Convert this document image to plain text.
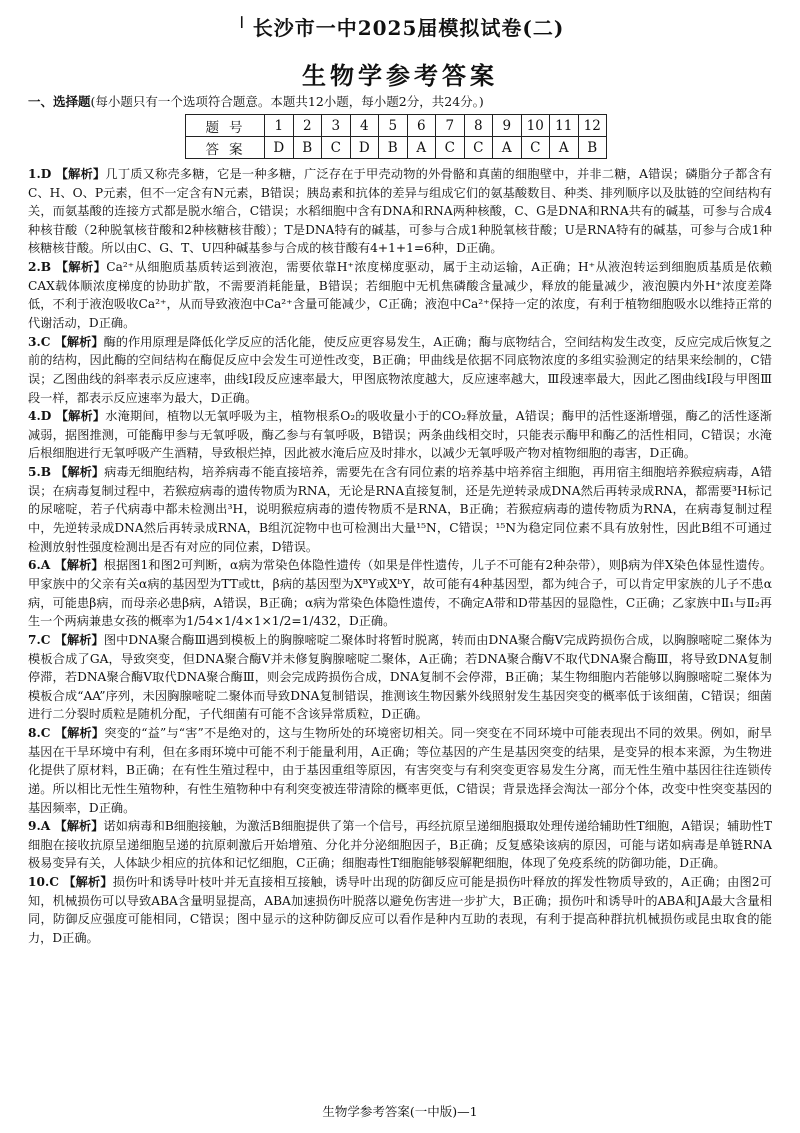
╵ 长沙市一中2025届模拟试卷(二)
生物学参考答案
一、选择题(每小题只有一个选项符合题意。本题共12小题，每小题2分，共24分。)
题号	1	2	3	4	5	6	7	8	9	10	11	12
答案	D	B	C	D	B	A	C	C	A	C	A	B

1.D 【解析】几丁质又称壳多糖，它是一种多糖，广泛存在于甲壳动物的外骨骼和真菌的细胞壁中，并非二糖，A错误；磷脂分子都含有C、H、O、P元素，但不一定含有N元素，B错误；胰岛素和抗体的差异与组成它们的氨基酸数目、种类、排列顺序以及肽链的空间结构有关，而氨基酸的连接方式都是脱水缩合，C错误；水稻细胞中含有DNA和RNA两种核酸，C、G是DNA和RNA共有的碱基，可参与合成4种核苷酸（2种脱氧核苷酸和2种核糖核苷酸）；T是DNA特有的碱基，可参与合成1种脱氧核苷酸；U是RNA特有的碱基，可参与合成1种核糖核苷酸。所以由C、G、T、U四种碱基参与合成的核苷酸有4+1+1=6种，D正确。

2.B 【解析】Ca²⁺从细胞质基质转运到液泡，需要依靠H⁺浓度梯度驱动，属于主动运输，A正确；H⁺从液泡转运到细胞质基质是依赖CAX载体顺浓度梯度的协助扩散，不需要消耗能量，B错误；若细胞中无机焦磷酸含量减少，释放的能量减少，液泡膜内外H⁺浓度差降低，不利于液泡吸收Ca²⁺，从而导致液泡中Ca²⁺含量可能减少，C正确；液泡中Ca²⁺保持一定的浓度，有利于植物细胞吸水以维持正常的代谢活动，D正确。

3.C 【解析】酶的作用原理是降低化学反应的活化能，使反应更容易发生，A正确；酶与底物结合，空间结构发生改变，反应完成后恢复之前的结构，因此酶的空间结构在酶促反应中会发生可逆性改变，B正确；甲曲线是依据不同底物浓度的多组实验测定的结果来绘制的，C错误；乙图曲线的斜率表示反应速率，曲线Ⅰ段反应速率最大，甲图底物浓度越大，反应速率越大，Ⅲ段速率最大，因此乙图曲线Ⅰ段与甲图Ⅲ段一样，都表示反应速率为最大，D正确。

4.D 【解析】水淹期间，植物以无氧呼吸为主，植物根系O₂的吸收量小于的CO₂释放量，A错误；酶甲的活性逐渐增强，酶乙的活性逐渐减弱，据图推测，可能酶甲参与无氧呼吸，酶乙参与有氧呼吸，B错误；两条曲线相交时，只能表示酶甲和酶乙的活性相同，C错误；水淹后根细胞进行无氧呼吸产生酒精，导致根烂掉，因此被水淹后应及时排水，以减少无氧呼吸产物对植物细胞的毒害，D正确。

5.B 【解析】病毒无细胞结构，培养病毒不能直接培养，需要先在含有同位素的培养基中培养宿主细胞，再用宿主细胞培养猴痘病毒，A错误；在病毒复制过程中，若猴痘病毒的遗传物质为RNA，无论是RNA直接复制，还是先逆转录成DNA然后再转录成RNA，都需要³H标记的尿嘧啶，若子代病毒中都未检测出³H，说明猴痘病毒的遗传物质不是RNA，B正确；若猴痘病毒的遗传物质为RNA，在病毒复制过程中，先逆转录成DNA然后再转录成RNA，B组沉淀物中也可检测出大量¹⁵N，C错误；¹⁵N为稳定同位素不具有放射性，因此B组不可通过检测放射性强度检测出是否有对应的同位素，D错误。

6.A 【解析】根据图1和图2可判断，α病为常染色体隐性遗传（如果是伴性遗传，儿子不可能有2种杂带），则β病为伴X染色体显性遗传。甲家族中的父亲有关α病的基因型为TT或tt，β病的基因型为XᴮY或XᵇY，故可能有4种基因型，都为纯合子，可以肯定甲家族的儿子不患α病，可能患β病，而母亲必患β病，A错误，B正确；α病为常染色体隐性遗传，不确定A带和D带基因的显隐性，C正确；乙家族中Ⅱ₁与Ⅱ₂再生一个两病兼患女孩的概率为1/54×1/4×1×1/2=1/432，D正确。

7.C 【解析】图中DNA聚合酶Ⅲ遇到模板上的胸腺嘧啶二聚体时将暂时脱离，转而由DNA聚合酶Ⅴ完成跨损伤合成，以胸腺嘧啶二聚体为模板合成了GA，导致突变，但DNA聚合酶Ⅴ并未修复胸腺嘧啶二聚体，A正确；若DNA聚合酶Ⅴ不取代DNA聚合酶Ⅲ，将导致DNA复制停滞，若DNA聚合酶Ⅴ取代DNA聚合酶Ⅲ，则会完成跨损伤合成，DNA复制不会停滞，B正确；某生物细胞内若能够以胸腺嘧啶二聚体为模板合成“AA”序列，未因胸腺嘧啶二聚体而导致DNA复制错误，推测该生物因紫外线照射发生基因突变的概率低于该细菌，C错误；细菌进行二分裂时质粒是随机分配，子代细菌有可能不含该异常质粒，D正确。

8.C 【解析】突变的“益”与“害”不是绝对的，这与生物所处的环境密切相关。同一突变在不同环境中可能表现出不同的效果。例如，耐旱基因在干旱环境中有利，但在多雨环境中可能不利于能量利用，A正确；等位基因的产生是基因突变的结果，是变异的根本来源，为生物进化提供了原材料，B正确；在有性生殖过程中，由于基因重组等原因，有害突变与有利突变更容易发生分离，而无性生殖中基因往往连锁传递。所以相比无性生殖物种，有性生殖物种中有利突变被连带清除的概率更低，C错误；背景选择会淘汰一部分个体，改变中性突变基因的基因频率，D正确。

9.A 【解析】诺如病毒和B细胞接触，为激活B细胞提供了第一个信号，再经抗原呈递细胞摄取处理传递给辅助性T细胞，A错误；辅助性T细胞在接收抗原呈递细胞呈递的抗原刺激后开始增殖、分化并分泌细胞因子，B正确；反复感染该病的原因，可能与诺如病毒是单链RNA极易变异有关，人体缺少相应的抗体和记忆细胞，C正确；细胞毒性T细胞能够裂解靶细胞，体现了免疫系统的防御功能，D正确。

10.C 【解析】损伤叶和诱导叶枝叶并无直接相互接触，诱导叶出现的防御反应可能是损伤叶释放的挥发性物质导致的，A正确；由图2可知，机械损伤可以导致ABA含量明显提高，ABA加速损伤叶脱落以避免伤害进一步扩大，B正确；损伤叶和诱导叶的ABA和JA最大含量相同，防御反应强度可能相同，C错误；图中显示的这种防御反应可以看作是种内互助的表现，有利于提高种群抗机械损伤或昆虫取食的能力，D正确。

生物学参考答案(一中版)—1
